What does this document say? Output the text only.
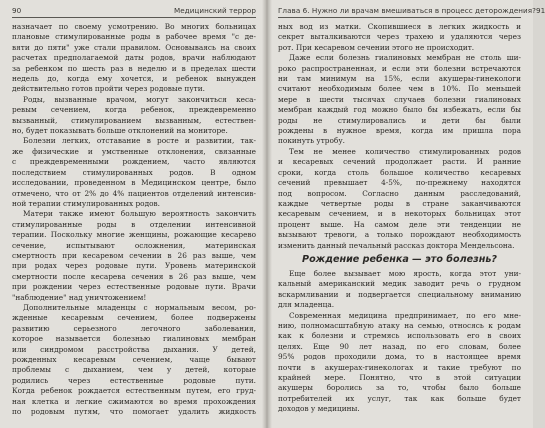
90	Медицинский террор
назначает по своему усмотрению. Во многих больницах
плановые стимулированные роды в рабочее время "с де-
вяти до пяти" уже стали правилом. Основываясь на своих
расчетах предполагаемой даты родов, врачи наблюдают
за ребенком по шесть раз в неделю и в пределах шести
недель до, когда ему хочется, и ребенок вынужден
действительно готов пройти через родовые пути.
Роды, вызванные врачом, могут закончиться кеса-
ревым сечением, когда ребенок, преждевременно
вызванный, стимулированием вызванным, естествен-
но, будет показывать больше отклонений на мониторе.
Болезни легких, отставание в росте и развитии, так-
же физические и умственные отклонения, связанные
с преждевременными рождением, часто являются
последствием стимулированных родов. В одном
исследовании, проведенном в Медицинском центре, было
отмечено, что от 2% до 4% пациентов отделений интенсив-
ной терапии стимулированных родов.
Матери также имеют большую вероятность закончить
стимулированные роды в отделении интенсивной
терапии. Поскольку многие женщины, рожающие кесарево
сечение, испытывают осложнения, материнская
смертность при кесаревом сечении в 26 раз выше, чем
при родах через родовые пути. Уровень материнской
смертности после кесарева сечения в 26 раз выше, чем
при рождении через естественные родовые пути. Врачи
"наблюдение" над уничтожением!
Дополнительные младенцы с нормальным весом, ро-
жденные кесаревым сечением, более подвержены
развитию серьезного легочного заболевания,
которое называется болезнью гиалиновых мембран
или синдромом расстройства дыхания. У детей,
рожденных кесаревым сечением, чаще бывают
проблемы с дыханием, чем у детей, которые
родились через естественные родовые пути.
Когда ребенок рождается естественным путем, его груд-
ная клетка и легкие сжимаются во время прохождения
по родовым путям, что помогает удалить жидкость
Глава 6. Нужно ли врачам вмешиваться в процесс деторождения? 91
ных вод из матки. Скопившиеся в легких жидкость и
секрет выталкиваются через трахею и удаляются через
рот. При кесаревом сечении этого не происходит.
Даже если болезнь гиалиновых мембран не столь ши-
роко распространенная, и если эти болезни встречаются
ни там минимум на 15%, если акушеры-гинекологи
считают необходимым более чем в 10%. По меньшей
мере в шести тысячах случаев болезни гиалиновых
мембран каждый год можно было бы избежать, если бы
роды не стимулировались и дети бы были
рождены в нужное время, когда им пришла пора
покинуть утробу.
Тем не менее количество стимулированных родов
и кесаревых сечений продолжает расти. И ранние
сроки, когда столь большое количество кесаревых
сечений превышает 4-5%, по-прежнему находятся
под вопросом. Согласно данным расследований,
каждые четвертые роды в стране заканчиваются
кесаревым сечением, и в некоторых больницах этот
процент выше. На самом деле эти тенденции не
вызывают тревоги, а только порождают необходимость
изменить данный печальный рассказ доктора Мендельсона.
Рождение ребенка — это болезнь?
Еще более вызывает мою ярость, когда этот уни-
кальный американский медик заводит речь о грудном
вскармливании и подвергается специальному вниманию
для младенца.
Современная медицина предпринимает, по его мне-
нию, полномасштабную атаку на семью, относясь к родам
как к болезни и стремясь использовать его в своих
целях. Еще 90 лет назад, по его словам, более
95% родов проходили дома, то в настоящее время
почти в акушерах-гинекологах и такие требуют по
крайней мере. Понятно, что в этой ситуации
акушеры боролись за то, чтобы было больше
потребителей их услуг, так как больше будет
доходов у медицины.
